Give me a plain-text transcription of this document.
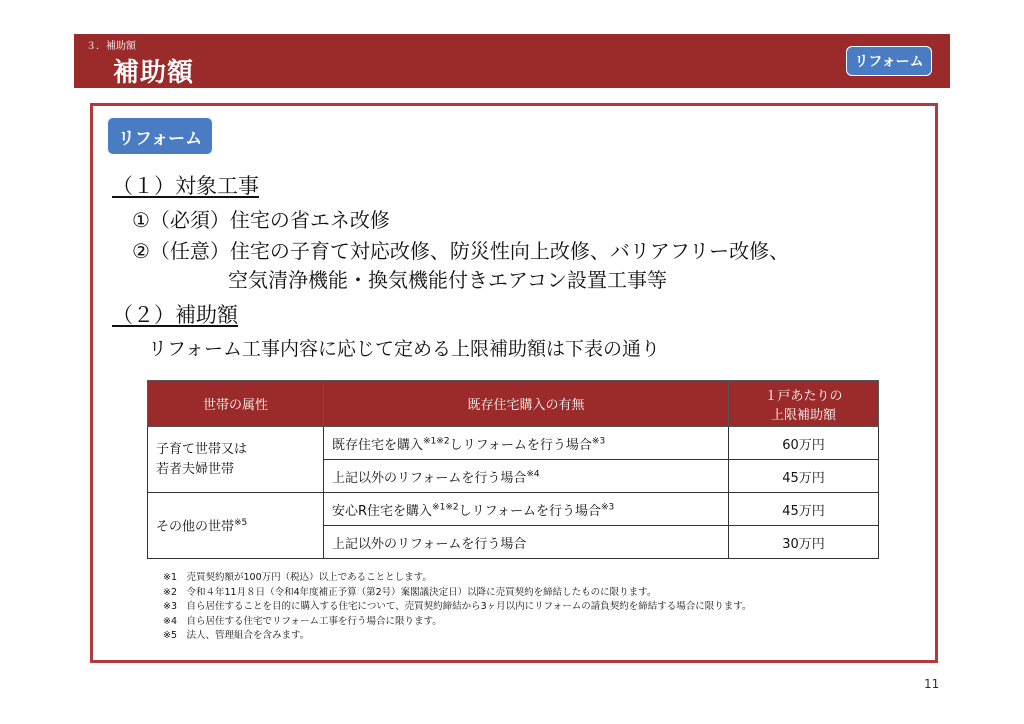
３．補助額
補助額	リフォーム
リフォーム
（１）対象工事
①（必須）住宅の省エネ改修
②（任意）住宅の子育て対応改修、防災性向上改修、バリアフリー改修、
空気清浄機能・換気機能付きエアコン設置工事等
（２）補助額
リフォーム工事内容に応じて定める上限補助額は下表の通り
世帯の属性	既存住宅購入の有無	１戸あたりの
上限補助額

子育て世帯又は
若者夫婦世帯	既存住宅を購入$^{※1※2}$しリフォームを行う場合$^{※3}$	60万円
	上記以外のリフォームを行う場合$^{※4}$	45万円
その他の世帯$^{※5}$	安心R住宅を購入$^{※1※2}$しリフォームを行う場合$^{※3}$	45万円
	上記以外のリフォームを行う場合	30万円
※1　売買契約額が100万円（税込）以上であることとします。
※2　令和４年11月８日（令和4年度補正予算（第2号）案閣議決定日）以降に売買契約を締結したものに限ります。
※3　自ら居住することを目的に購入する住宅について、売買契約締結から3ヶ月以内にリフォームの請負契約を締結する場合に限ります。
※4　自ら居住する住宅でリフォーム工事を行う場合に限ります。
※5　法人、管理組合を含みます。
11
